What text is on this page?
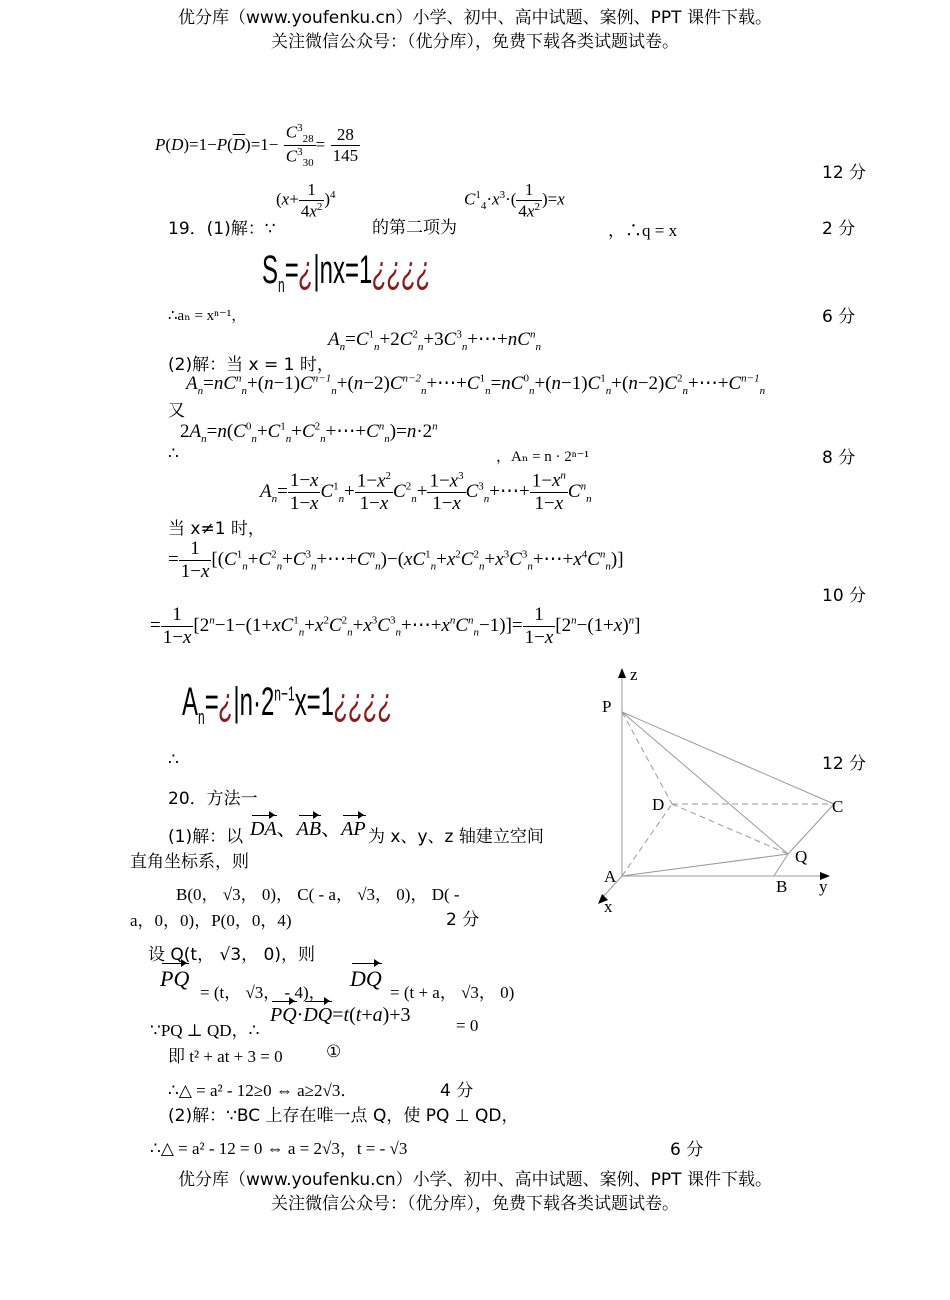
优分库（www.youfenku.cn）小学、初中、高中试题、案例、PPT 课件下载。
关注微信公众号：（优分库），免费下载各类试题试卷。
$P(D)=1-P(\overline{D})=1- \frac{C^3_{28}}{C^3_{30}} = \frac{28}{145}$
12 分
19．(1)解：∵
$(x+ \frac{1}{4x^2} )^4$
的第二项为
$C^1_4\cdot x^3\cdot( \frac{1}{4x^2} )=x$
，∴q = x	2 分
$S_n=¿|nx=1¿¿¿¿$
∴aₙ = xⁿ⁻¹，	6 分
$A_n=C^1_n+2C^2_n+3C^3_n+\cdots+nC^n_n$
(2)解：当 x = 1 时，
$A_n=nC^n_n+(n-1)C^{n-1}_n+(n-2)C^{n-2}_n+\cdots+C^1_n=nC^0_n+(n-1)C^1_n+(n-2)C^2_n+\cdots+C^{n-1}_n$
又
$2A_n=n(C^0_n+C^1_n+C^2_n+\cdots+C^n_n)=n\cdot 2^n$
∴	，Aₙ = n · 2ⁿ⁻¹	8 分
$A_n= \frac{1-x}{1-x} C^1_n+ \frac{1-x^2}{1-x} C^2_n+ \frac{1-x^3}{1-x}$ $C^3_n+\cdots+ \frac{1-x^n}{1-x} C^n_n$
当 x≠1 时，
= $\frac{1}{1-x}$ $[(C^1_n+C^2_n+C^3_n+\cdots+C^n_n)-(xC^1_n+x^2C^2_n+x^3C^3_n+\cdots+x^4C^n_n)]$
10 分
= $\frac{1}{1-x}$ $[2^n-1-(1+xC^1_n+x^2C^2_n+x^3C^3_n+\cdots+x^nC^n_n-1)]= \frac{1}{1-x} [2^n-(1+x)^n]$
$A_n=¿|n\cdot 2^{n-1}x=1¿¿¿¿$
∴	12 分
20．方法一
(1)解：以 DA、AB、AP 为 x、y、z 轴建立空间
直角坐标系，则
B(0， √3， 0)， C( - a， √3， 0)， D( -
a，0，0)，P(0，0，4)	2 分
设 Q(t， √3， 0)，则
PQ
= (t， √3， - 4)，
DQ
= (t + a， √3， 0)
∵PQ ⊥ QD，∴
PQ·DQ=t(t+a)+3	= 0
即 t² + at + 3 = 0	①
∴△ = a² - 12≥0 ⇔ a≥2√3．	4 分
(2)解：∵BC 上存在唯一点 Q，使 PQ ⊥ QD，
∴△ = a² - 12 = 0 ⇔ a = 2√3，t = - √3	6 分
z
P
D	C
Q
A
B y
x
优分库（www.youfenku.cn）小学、初中、高中试题、案例、PPT 课件下载。
关注微信公众号：（优分库），免费下载各类试题试卷。
